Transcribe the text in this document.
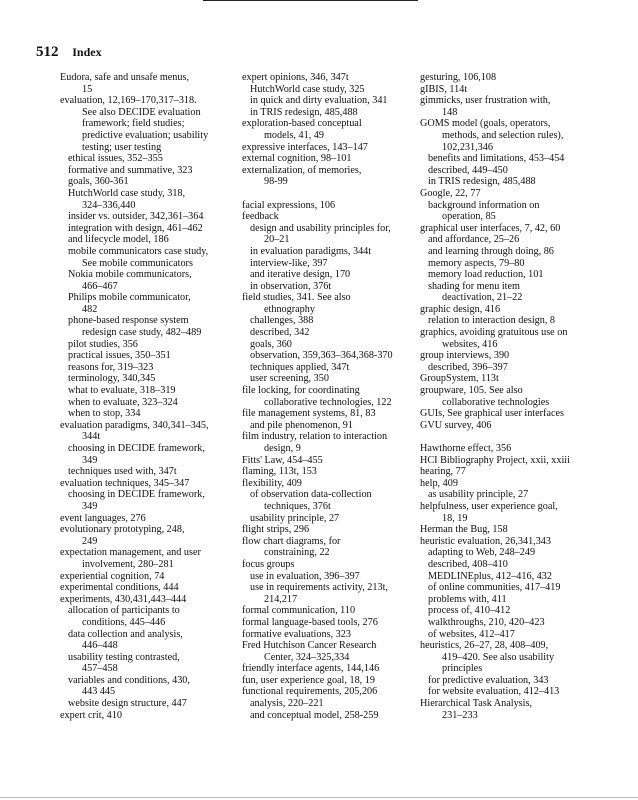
512 Index
Eudora, safe and unsafe menus,
15
evaluation, 12,169–170,317–318.
See also DECIDE evaluation
framework; field studies;
predictive evaluation; usability
testing; user testing
ethical issues, 352–355
formative and summative, 323
goals, 360-361
HutchWorld case study, 318,
324–336,440
insider vs. outsider, 342,361–364
integration with design, 461–462
and lifecycle model, 186
mobile communicators case study,
See mobile communicators
Nokia mobile communicators,
466–467
Philips mobile communicator,
482
phone-based response system
redesign case study, 482–489
pilot studies, 356
practical issues, 350–351
reasons for, 319–323
terminology, 340,345
what to evaluate, 318–319
when to evaluate, 323–324
when to stop, 334
evaluation paradigms, 340,341–345,
344t
choosing in DECIDE framework,
349
techniques used with, 347t
evaluation techniques, 345–347
choosing in DECIDE framework,
349
event languages, 276
evolutionary prototyping, 248,
249
expectation management, and user
involvement, 280–281
experiential cognition, 74
experimental conditions, 444
experiments, 430,431,443–444
allocation of participants to
conditions, 445–446
data collection and analysis,
446–448
usability testing contrasted,
457–458
variables and conditions, 430,
443 445
website design structure, 447
expert crit, 410
expert opinions, 346, 347t
HutchWorld case study, 325
in quick and dirty evaluation, 341
in TRIS redesign, 485,488
exploration-based conceptual
models, 41, 49
expressive interfaces, 143–147
external cognition, 98–101
externalization, of memories,
98-99
facial expressions, 106
feedback
design and usability principles for,
20–21
in evaluation paradigms, 344t
interview-like, 397
and iterative design, 170
in observation, 376t
field studies, 341. See also
ethnography
challenges, 388
described, 342
goals, 360
observation, 359,363–364,368-370
techniques applied, 347t
user screening, 350
file locking, for coordinating
collaborative technologies, 122
file management systems, 81, 83
and pile phenomenon, 91
film industry, relation to interaction
design, 9
Fitts' Law, 454–455
flaming, 113t, 153
flexibility, 409
of observation data-collection
techniques, 376t
usability principle, 27
flight strips, 296
flow chart diagrams, for
constraining, 22
focus groups
use in evaluation, 396–397
use in requirements activity, 213t,
214,217
formal communication, 110
formal language-based tools, 276
formative evaluations, 323
Fred Hutchison Cancer Research
Center, 324–325,334
friendly interface agents, 144,146
fun, user experience goal, 18, 19
functional requirements, 205,206
analysis, 220–221
and conceptual model, 258-259
gesturing, 106,108
gIBIS, 114t
gimmicks, user frustration with,
148
GOMS model (goals, operators,
methods, and selection rules),
102,231,346
benefits and limitations, 453–454
described, 449–450
in TRIS redesign, 485,488
Google, 22, 77
background information on
operation, 85
graphical user interfaces, 7, 42, 60
and affordance, 25–26
and learning through doing, 86
memory aspects, 79–80
memory load reduction, 101
shading for menu item
deactivation, 21–22
graphic design, 416
relation to interaction design, 8
graphics, avoiding gratuitous use on
websites, 416
group interviews, 390
described, 396–397
GroupSystem, 113t
groupware, 105. See also
collaborative technologies
GUIs, See graphical user interfaces
GVU survey, 406
Hawthorne effect, 356
HCI Bibliography Project, xxii, xxiii
hearing, 77
help, 409
as usability principle, 27
helpfulness, user experience goal,
18, 19
Herman the Bug, 158
heuristic evaluation, 26,341,343
adapting to Web, 248–249
described, 408–410
MEDLINEplus, 412–416, 432
of online communities, 417–419
problems with, 411
process of, 410–412
walkthroughs, 210, 420–423
of websites, 412–417
heuristics, 26–27, 28, 408–409,
419–420. See also usability
principles
for predictive evaluation, 343
for website evaluation, 412–413
Hierarchical Task Analysis,
231–233
